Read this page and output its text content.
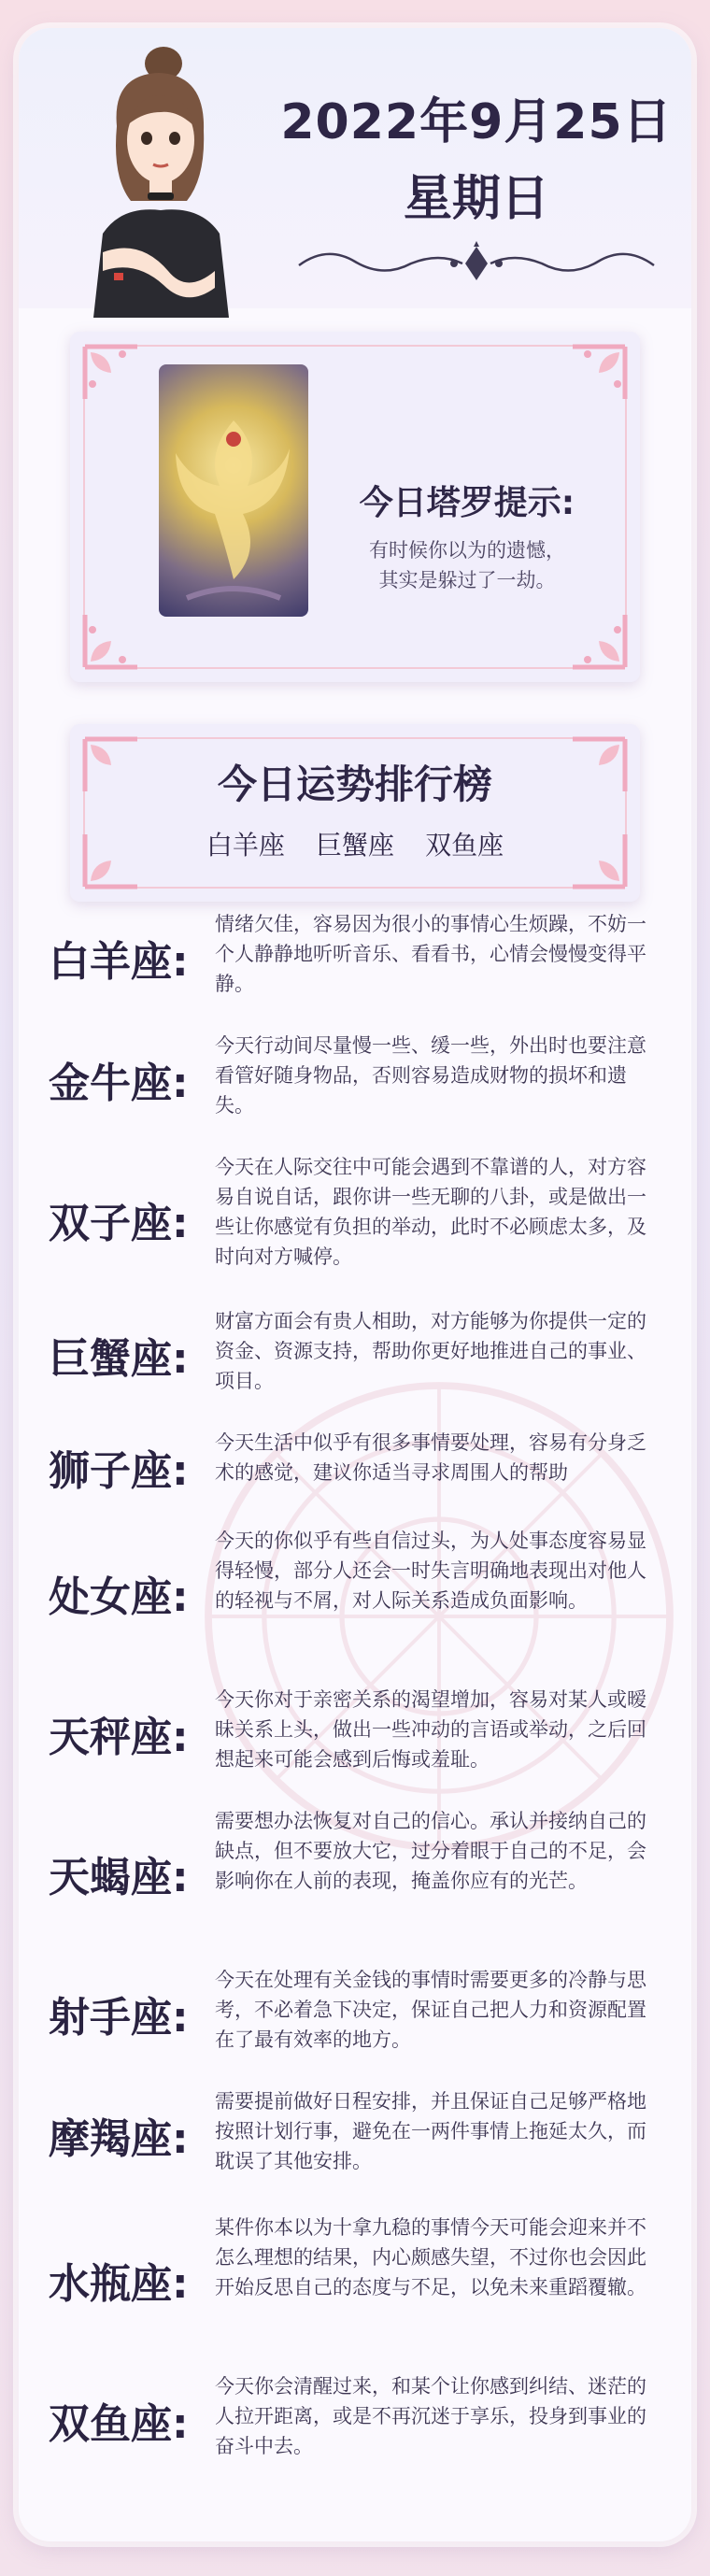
2022年9月25日
星期日
今日塔罗提示:
有时候你以为的遗憾，
其实是躲过了一劫。
今日运势排行榜
白羊座 巨蟹座 双鱼座
白羊座:
情绪欠佳，容易因为很小的事情心生烦躁，不妨一个人静静地听听音乐、看看书，心情会慢慢变得平静。
金牛座:
今天行动间尽量慢一些、缓一些，外出时也要注意看管好随身物品，否则容易造成财物的损坏和遗失。
双子座:
今天在人际交往中可能会遇到不靠谱的人，对方容易自说自话，跟你讲一些无聊的八卦，或是做出一些让你感觉有负担的举动，此时不必顾虑太多，及时向对方喊停。
巨蟹座:
财富方面会有贵人相助，对方能够为你提供一定的资金、资源支持，帮助你更好地推进自己的事业、项目。
狮子座:
今天生活中似乎有很多事情要处理，容易有分身乏术的感觉，建议你适当寻求周围人的帮助
处女座:
今天的你似乎有些自信过头，为人处事态度容易显得轻慢，部分人还会一时失言明确地表现出对他人的轻视与不屑，对人际关系造成负面影响。
天秤座:
今天你对于亲密关系的渴望增加，容易对某人或暧昧关系上头，做出一些冲动的言语或举动，之后回想起来可能会感到后悔或羞耻。
天蝎座:
需要想办法恢复对自己的信心。承认并接纳自己的缺点，但不要放大它，过分着眼于自己的不足，会影响你在人前的表现，掩盖你应有的光芒。
射手座:
今天在处理有关金钱的事情时需要更多的冷静与思考，不必着急下决定，保证自己把人力和资源配置在了最有效率的地方。
摩羯座:
需要提前做好日程安排，并且保证自己足够严格地按照计划行事，避免在一两件事情上拖延太久，而耽误了其他安排。
水瓶座:
某件你本以为十拿九稳的事情今天可能会迎来并不怎么理想的结果，内心颇感失望，不过你也会因此开始反思自己的态度与不足，以免未来重蹈覆辙。
双鱼座:
今天你会清醒过来，和某个让你感到纠结、迷茫的人拉开距离，或是不再沉迷于享乐，投身到事业的奋斗中去。
